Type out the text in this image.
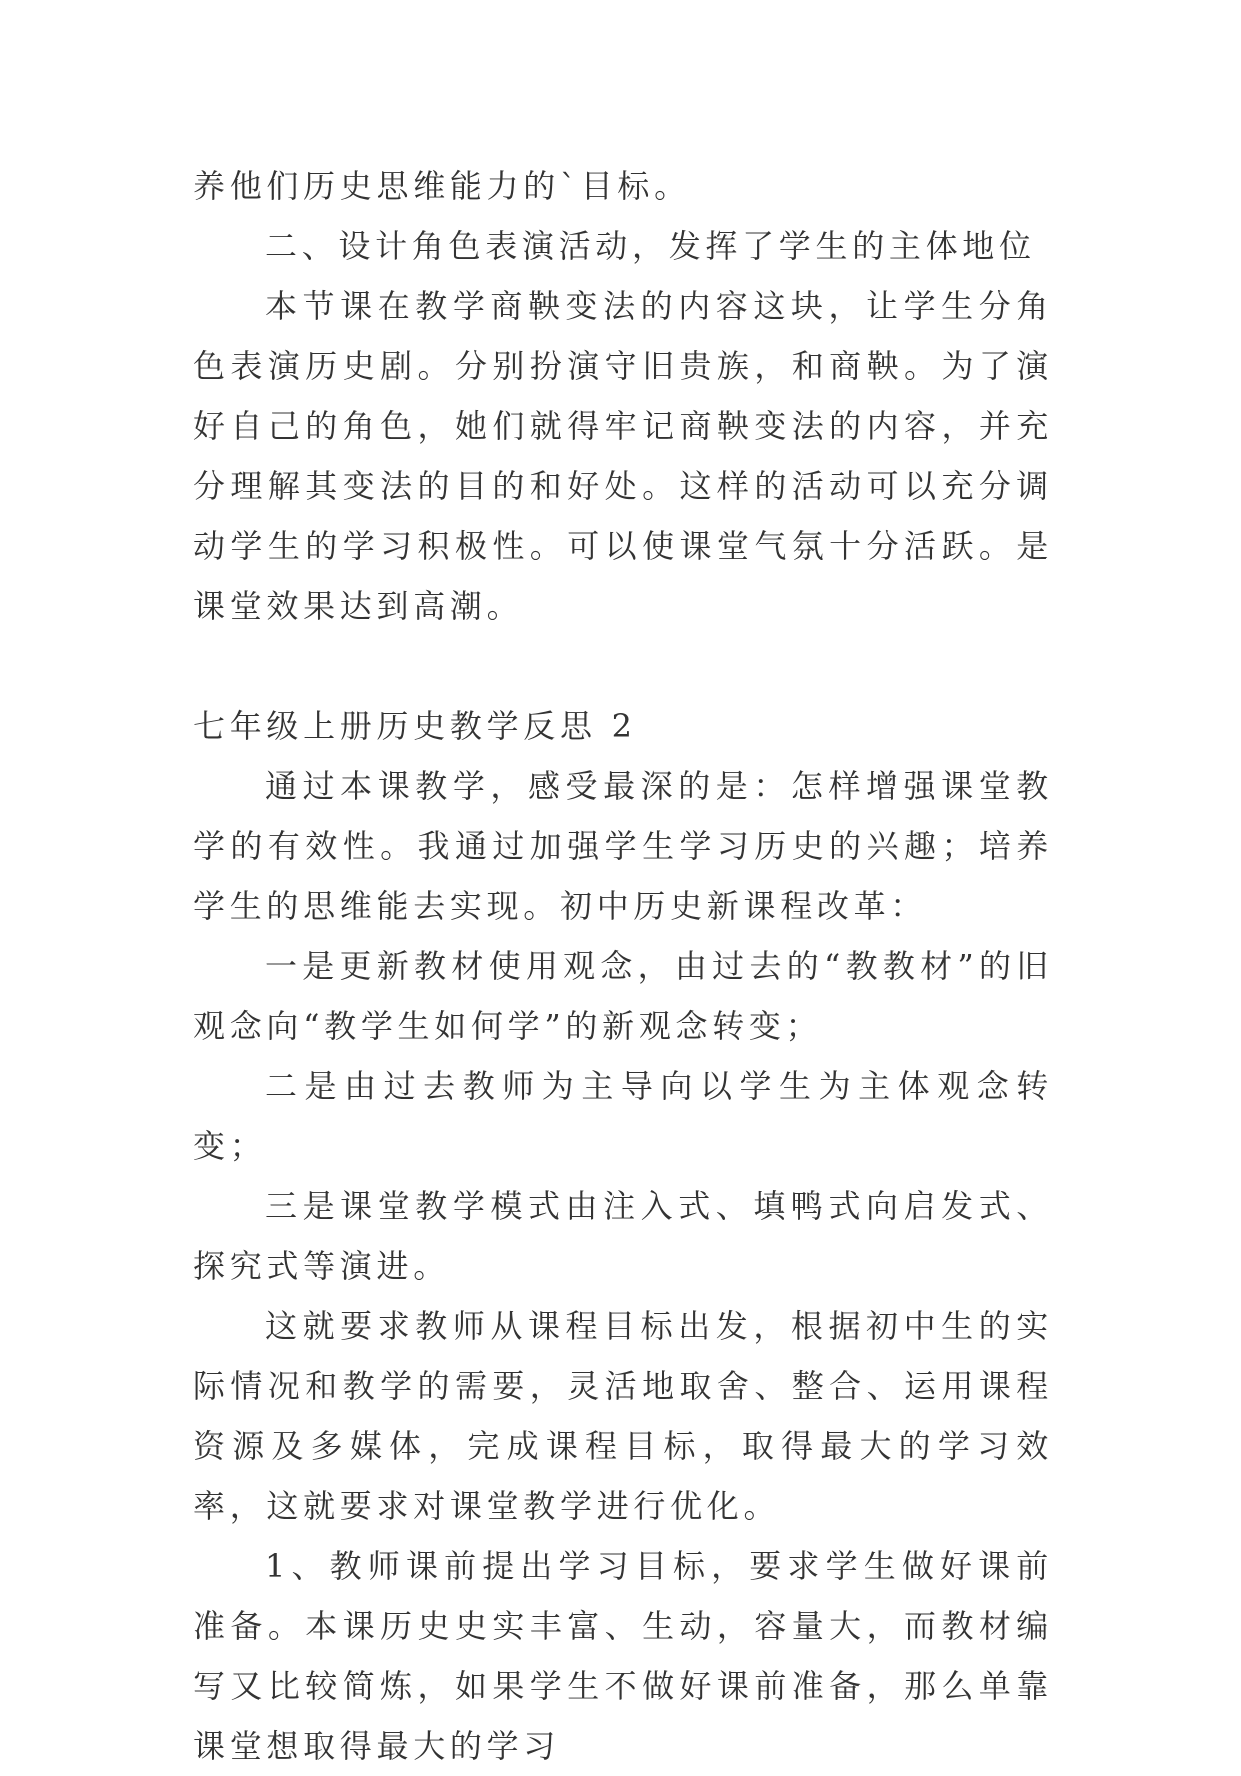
养他们历史思维能力的`目标。

二、设计角色表演活动，发挥了学生的主体地位

本节课在教学商鞅变法的内容这块，让学生分角色表演历史剧。分别扮演守旧贵族，和商鞅。为了演好自己的角色，她们就得牢记商鞅变法的内容，并充分理解其变法的目的和好处。这样的活动可以充分调动学生的学习积极性。可以使课堂气氛十分活跃。是课堂效果达到高潮。

七年级上册历史教学反思 2

通过本课教学，感受最深的是：怎样增强课堂教学的有效性。我通过加强学生学习历史的兴趣；培养学生的思维能去实现。初中历史新课程改革：

一是更新教材使用观念，由过去的“教教材”的旧观念向“教学生如何学”的新观念转变；

二是由过去教师为主导向以学生为主体观念转变；

三是课堂教学模式由注入式、填鸭式向启发式、探究式等演进。

这就要求教师从课程目标出发，根据初中生的实际情况和教学的需要，灵活地取舍、整合、运用课程资源及多媒体，完成课程目标，取得最大的学习效率，这就要求对课堂教学进行优化。

1、教师课前提出学习目标，要求学生做好课前准备。本课历史史实丰富、生动，容量大，而教材编写又比较简炼，如果学生不做好课前准备，那么单靠课堂想取得最大的学习
